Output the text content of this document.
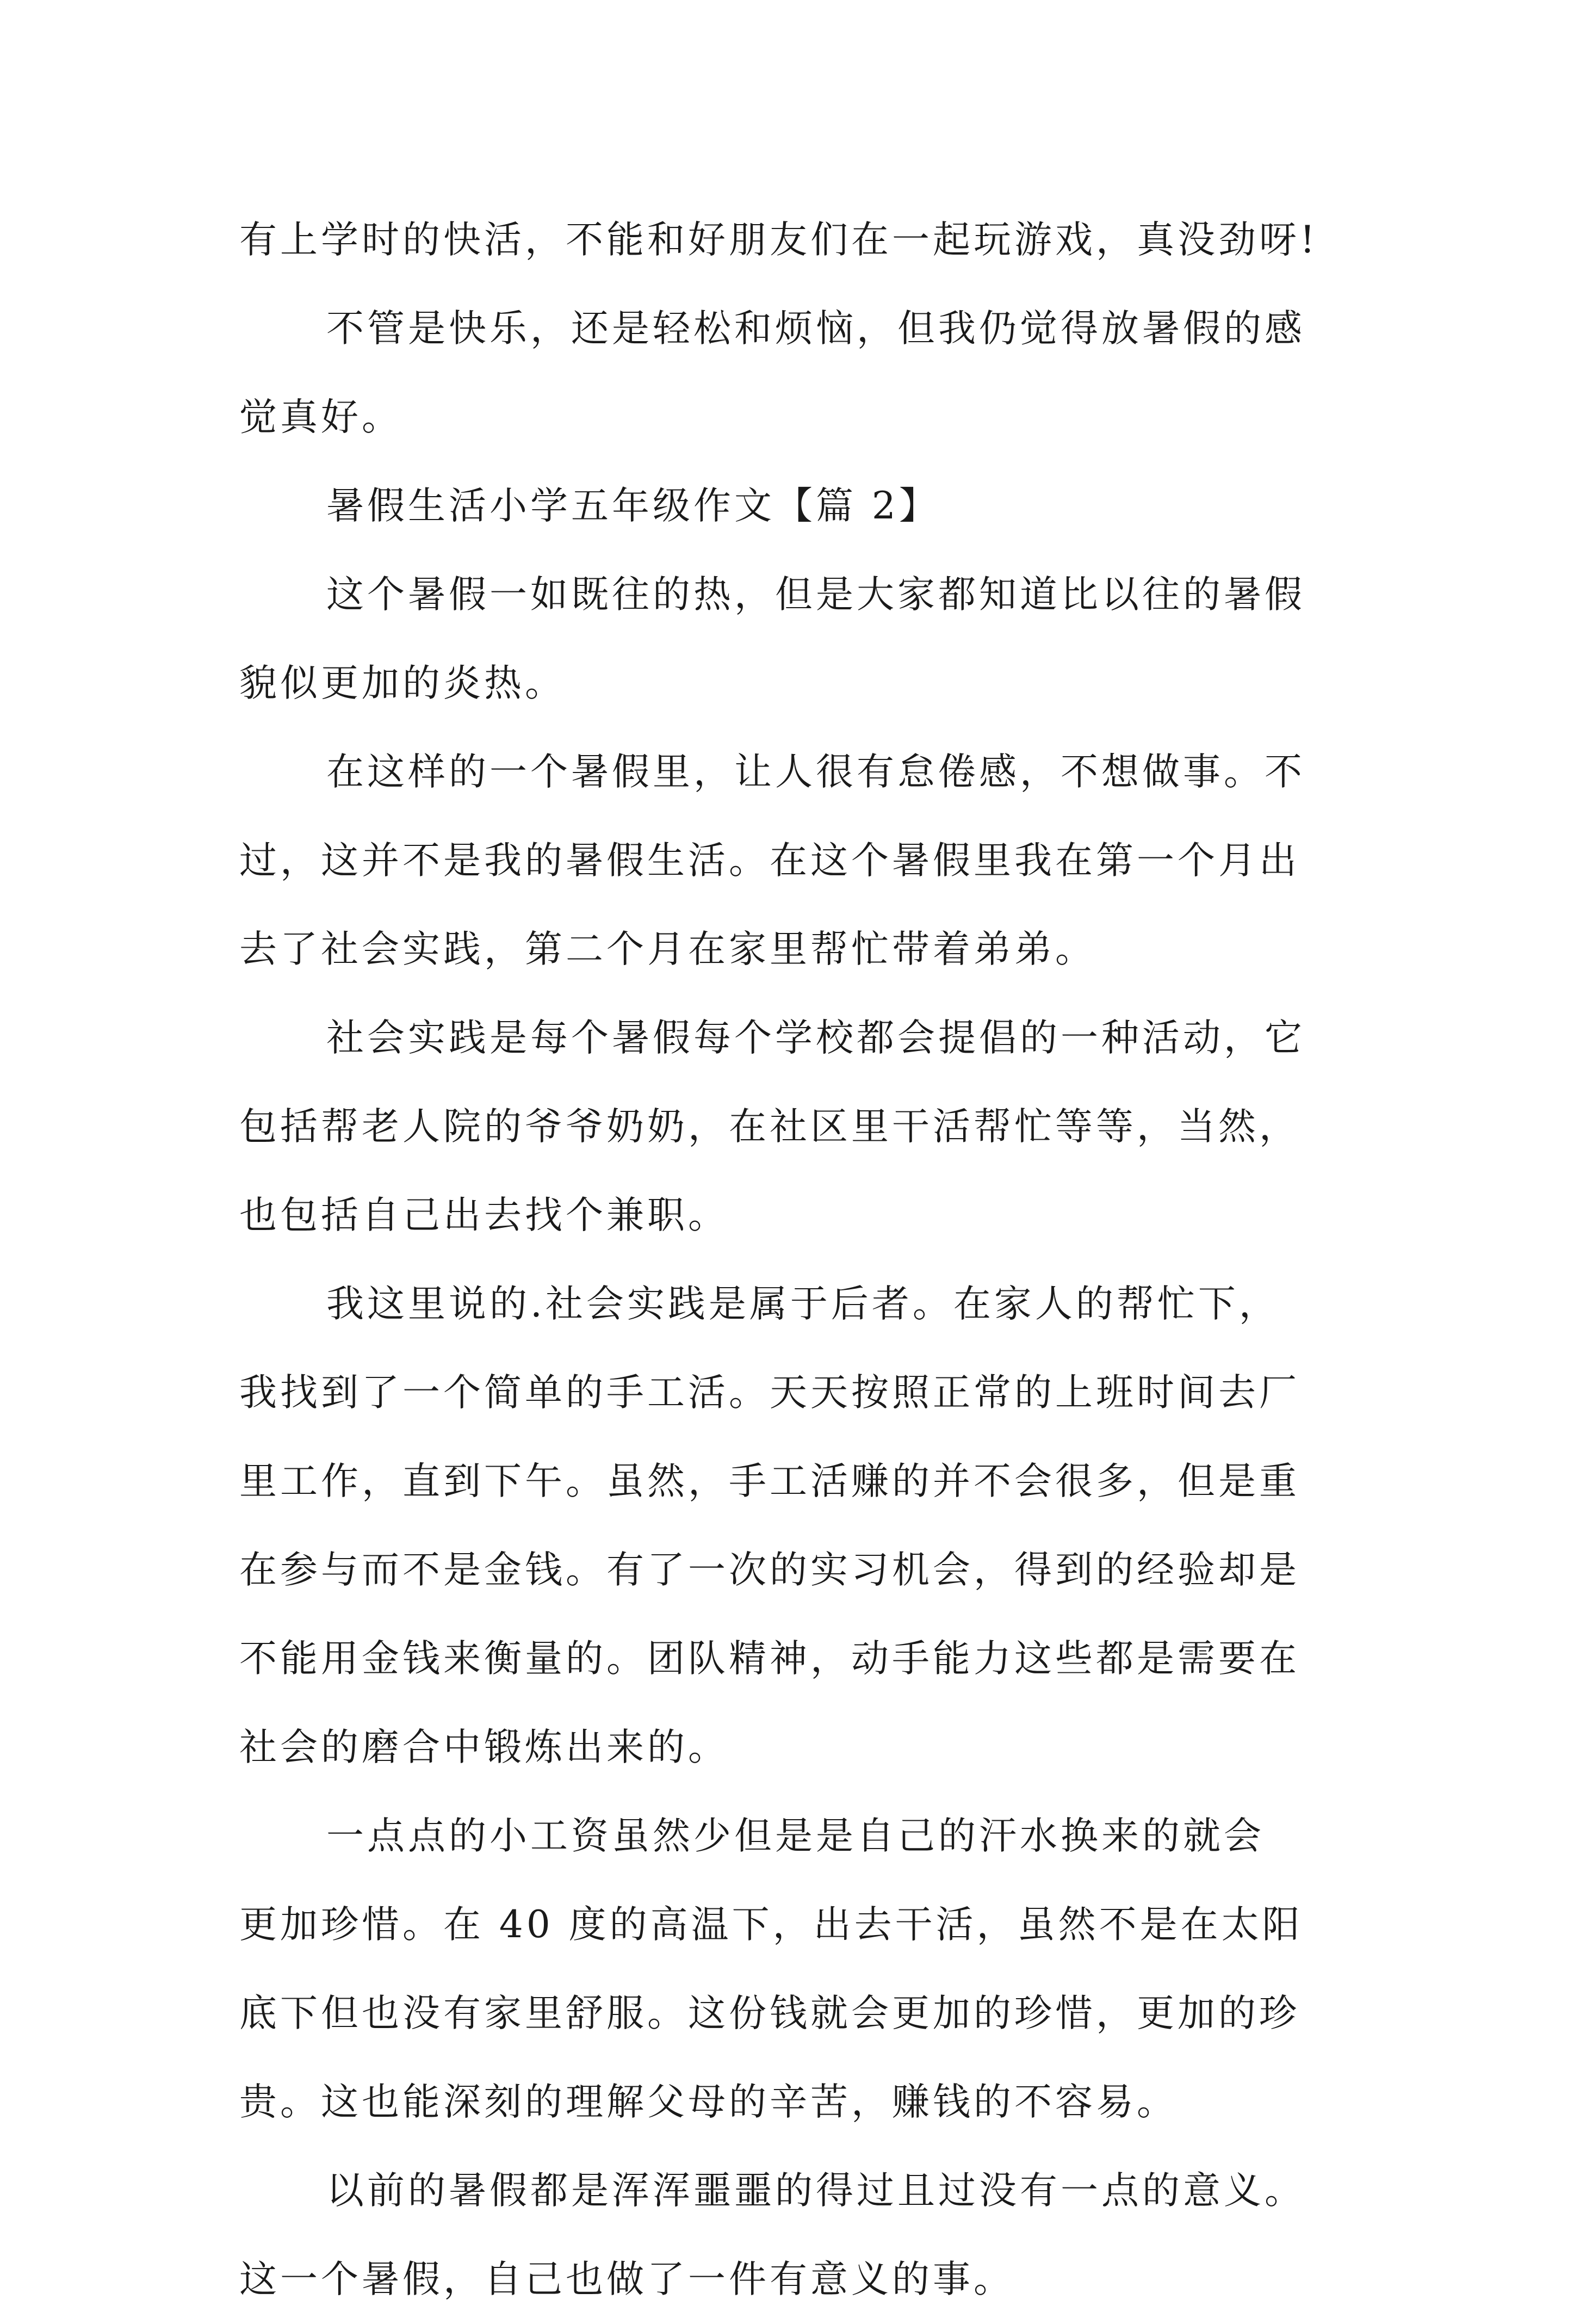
有上学时的快活，不能和好朋友们在一起玩游戏，真没劲呀!
不管是快乐，还是轻松和烦恼，但我仍觉得放暑假的感
觉真好。
暑假生活小学五年级作文【篇 2】
这个暑假一如既往的热，但是大家都知道比以往的暑假
貌似更加的炎热。
在这样的一个暑假里，让人很有怠倦感，不想做事。不
过，这并不是我的暑假生活。在这个暑假里我在第一个月出
去了社会实践，第二个月在家里帮忙带着弟弟。
社会实践是每个暑假每个学校都会提倡的一种活动，它
包括帮老人院的爷爷奶奶，在社区里干活帮忙等等，当然，
也包括自己出去找个兼职。
我这里说的.社会实践是属于后者。在家人的帮忙下，
我找到了一个简单的手工活。天天按照正常的上班时间去厂
里工作，直到下午。虽然，手工活赚的并不会很多，但是重
在参与而不是金钱。有了一次的实习机会，得到的经验却是
不能用金钱来衡量的。团队精神，动手能力这些都是需要在
社会的磨合中锻炼出来的。
一点点的小工资虽然少但是是自己的汗水换来的就会
更加珍惜。在 40 度的高温下，出去干活，虽然不是在太阳
底下但也没有家里舒服。这份钱就会更加的珍惜，更加的珍
贵。这也能深刻的理解父母的辛苦，赚钱的不容易。
以前的暑假都是浑浑噩噩的得过且过没有一点的意义。
这一个暑假，自己也做了一件有意义的事。
